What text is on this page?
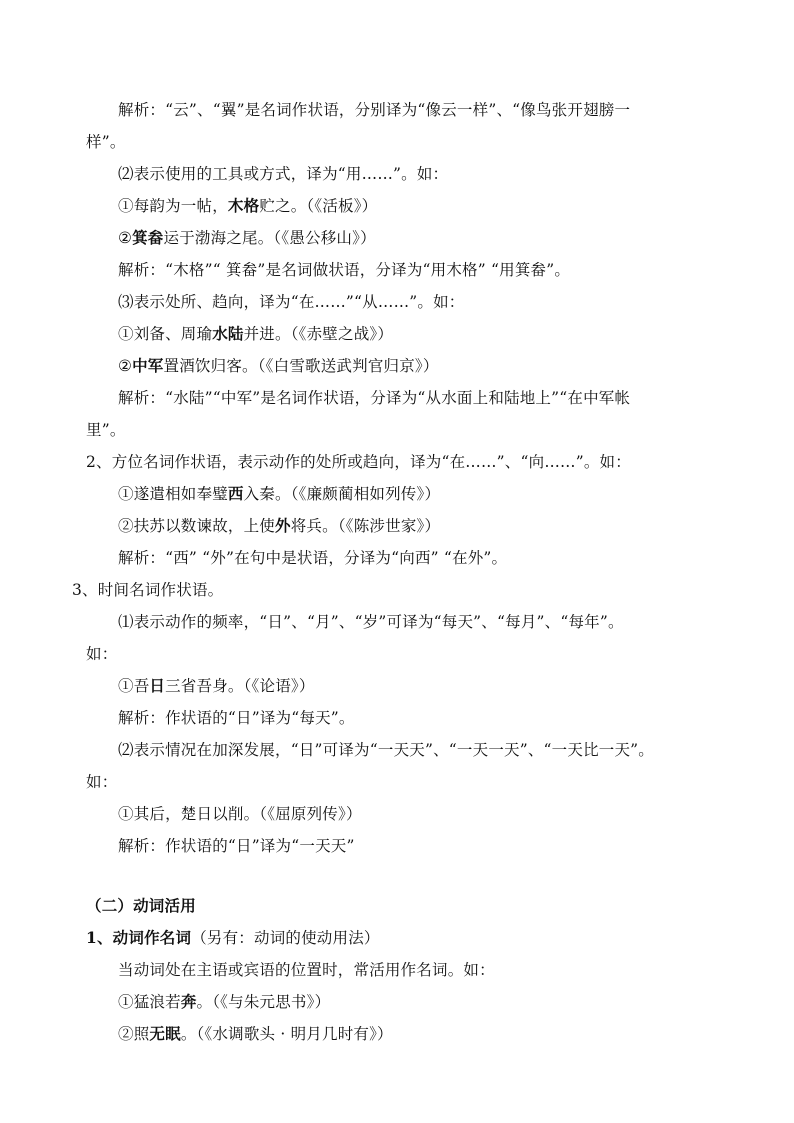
解析：“云”、“翼”是名词作状语，分别译为“像云一样”、“像鸟张开翅膀一
样”。
⑵表示使用的工具或方式，译为“用……”。如：
①每韵为一帖，木格贮之。（《活板》）
②箕畚运于渤海之尾。（《愚公移山》）
解析：“木格”“ 箕畚”是名词做状语，分译为“用木格” “用箕畚”。
⑶表示处所、趋向，译为“在……”“从……”。如：
①刘备、周瑜水陆并进。（《赤壁之战》）
②中军置酒饮归客。（《白雪歌送武判官归京》）
解析：“水陆”“中军”是名词作状语，分译为“从水面上和陆地上”“在中军帐
里”。
2、方位名词作状语，表示动作的处所或趋向，译为“在……”、“向……”。如：
①遂遣相如奉璧西入秦。（《廉颇蔺相如列传》）
②扶苏以数谏故，上使外将兵。（《陈涉世家》）
解析：“西” “外”在句中是状语，分译为“向西” “在外”。
3、时间名词作状语。
⑴表示动作的频率，“日”、“月”、“岁”可译为“每天”、“每月”、“每年”。
如：
①吾日三省吾身。（《论语》）
解析：作状语的“日”译为“每天”。
⑵表示情况在加深发展，“日”可译为“一天天”、“一天一天”、“一天比一天”。
如：
①其后，楚日以削。（《屈原列传》）
解析：作状语的“日”译为“一天天”
（二）动词活用
1、动词作名词（另有：动词的使动用法）
当动词处在主语或宾语的位置时，常活用作名词。如：
①猛浪若奔。（《与朱元思书》）
②照无眠。（《水调歌头 · 明月几时有》）
